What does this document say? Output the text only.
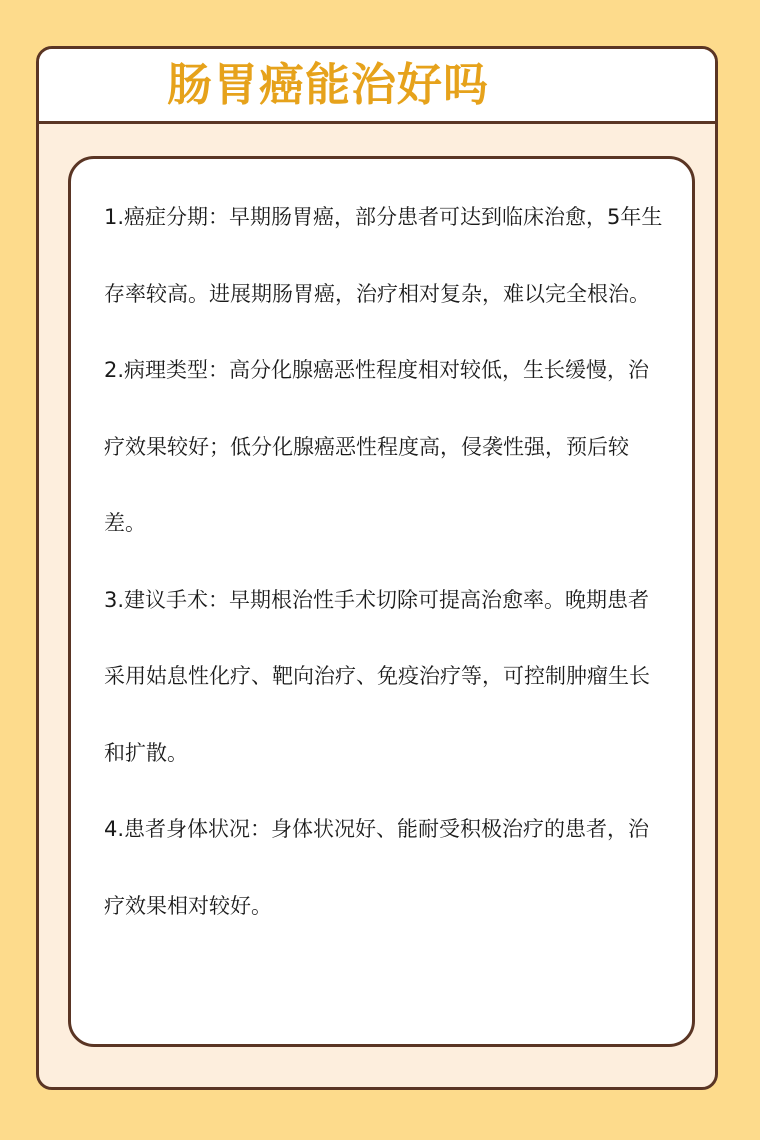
肠胃癌能治好吗

1.癌症分期：早期肠胃癌，部分患者可达到临床治愈，5年生存率较高。进展期肠胃癌，治疗相对复杂，难以完全根治。

2.病理类型：高分化腺癌恶性程度相对较低，生长缓慢，治疗效果较好；低分化腺癌恶性程度高，侵袭性强，预后较差。

3.建议手术：早期根治性手术切除可提高治愈率。晚期患者采用姑息性化疗、靶向治疗、免疫治疗等，可控制肿瘤生长和扩散。

4.患者身体状况：身体状况好、能耐受积极治疗的患者，治疗效果相对较好。
